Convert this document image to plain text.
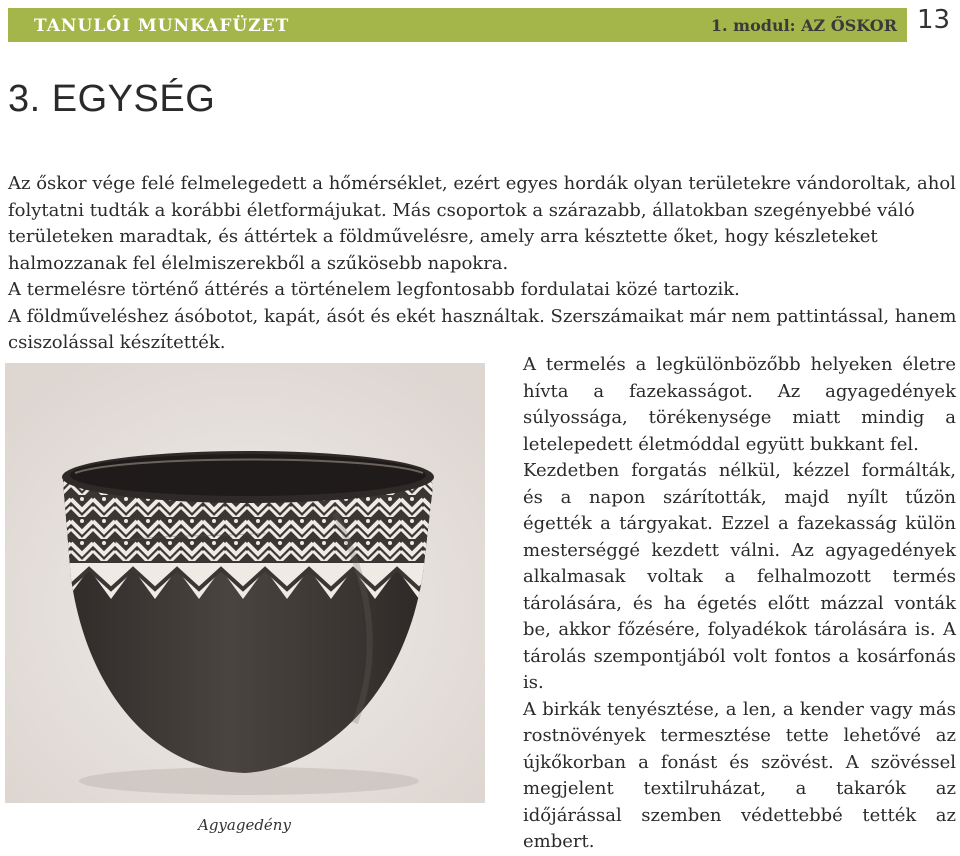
TANULÓI MUNKAFÜZET	1. modul: AZ ŐSKOR 13
3. EGYSÉG

Az őskor vége felé felmelegedett a hőmérséklet, ezért egyes hordák olyan területekre vándoroltak, ahol folytatni tudták a korábbi életformájukat. Más csoportok a szárazabb, állatokban szegényebbé váló területeken maradtak, és áttértek a földművelésre, amely arra késztette őket, hogy készleteket halmozzanak fel élelmiszerekből a szűkösebb napokra.

A termelésre történő áttérés a történelem legfontosabb fordulatai közé tartozik.

A földműveléshez ásóbotot, kapát, ásót és ekét használtak. Szerszámaikat már nem pattintással, hanem csiszolással készítették.

Agyagedény

A termelés a legkülönbözőbb helyeken életre hívta a fazekasságot. Az agyagedények súlyossága, törékenysége miatt mindig a letelepedett életmóddal együtt bukkant fel.

Kezdetben forgatás nélkül, kézzel formálták, és a napon szárították, majd nyílt tűzön égették a tárgyakat. Ezzel a fazekasság külön mesterséggé kezdett válni. Az agyagedények alkalmasak voltak a felhalmozott termés tárolására, és ha égetés előtt mázzal vonták be, akkor főzésére, folyadékok tárolására is. A tárolás szempontjából volt fontos a kosárfonás is.

A birkák tenyésztése, a len, a kender vagy más rostnövények termesztése tette lehetővé az újkőkorban a fonást és szövést. A szövéssel megjelent textilruházat, a takarók az időjárással szemben védettebbé tették az embert.
